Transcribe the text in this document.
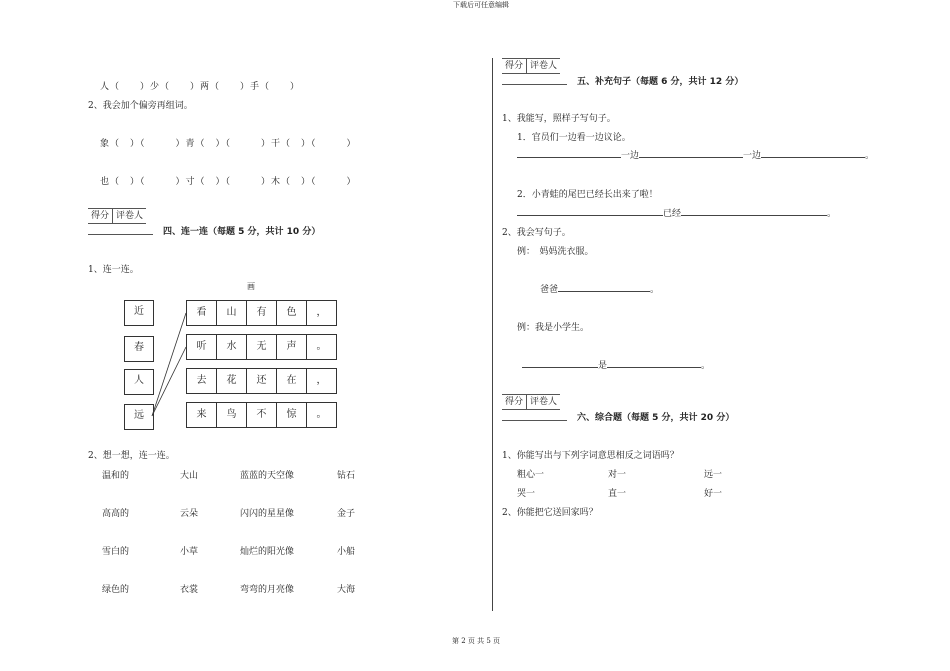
下载后可任意编辑
人（　　）少（　　）两（　　）手（　　）
2、我会加个偏旁再组词。
象（　）（　　　）青（　）（　　　）干（　）（　　　）
也（　）（　　　）寸（　）（　　　）木（　）（　　　）
得分 评卷人
四、连一连（每题 5 分，共计 10 分）
1、连一连。
画
近
春
人
远
看	山	有	色	，
听	水	无	声	。
去	花	还	在	，
来	鸟	不	惊	。
2、想一想，连一连。
温和的	大山	蓝蓝的天空像	钻石
高高的	云朵	闪闪的星星像	金子
雪白的	小草	灿烂的阳光像	小船
绿色的	衣裳	弯弯的月亮像	大海
得分 评卷人
五、补充句子（每题 6 分，共计 12 分）
1、我能写，照样子写句子。
1．官员们一边看一边议论。
一边	一边	。
2．小青蛙的尾巴已经长出来了啦！
已经	。
2、我会写句子。
例：　妈妈洗衣服。
爸爸	。
例：我是小学生。
是	。
得分 评卷人
六、综合题（每题 5 分，共计 20 分）
1、你能写出与下列字词意思相反之词语吗？
粗心一	对一	远一
哭一	直一	好一
2、你能把它送回家吗？
第 2 页 共 5 页
